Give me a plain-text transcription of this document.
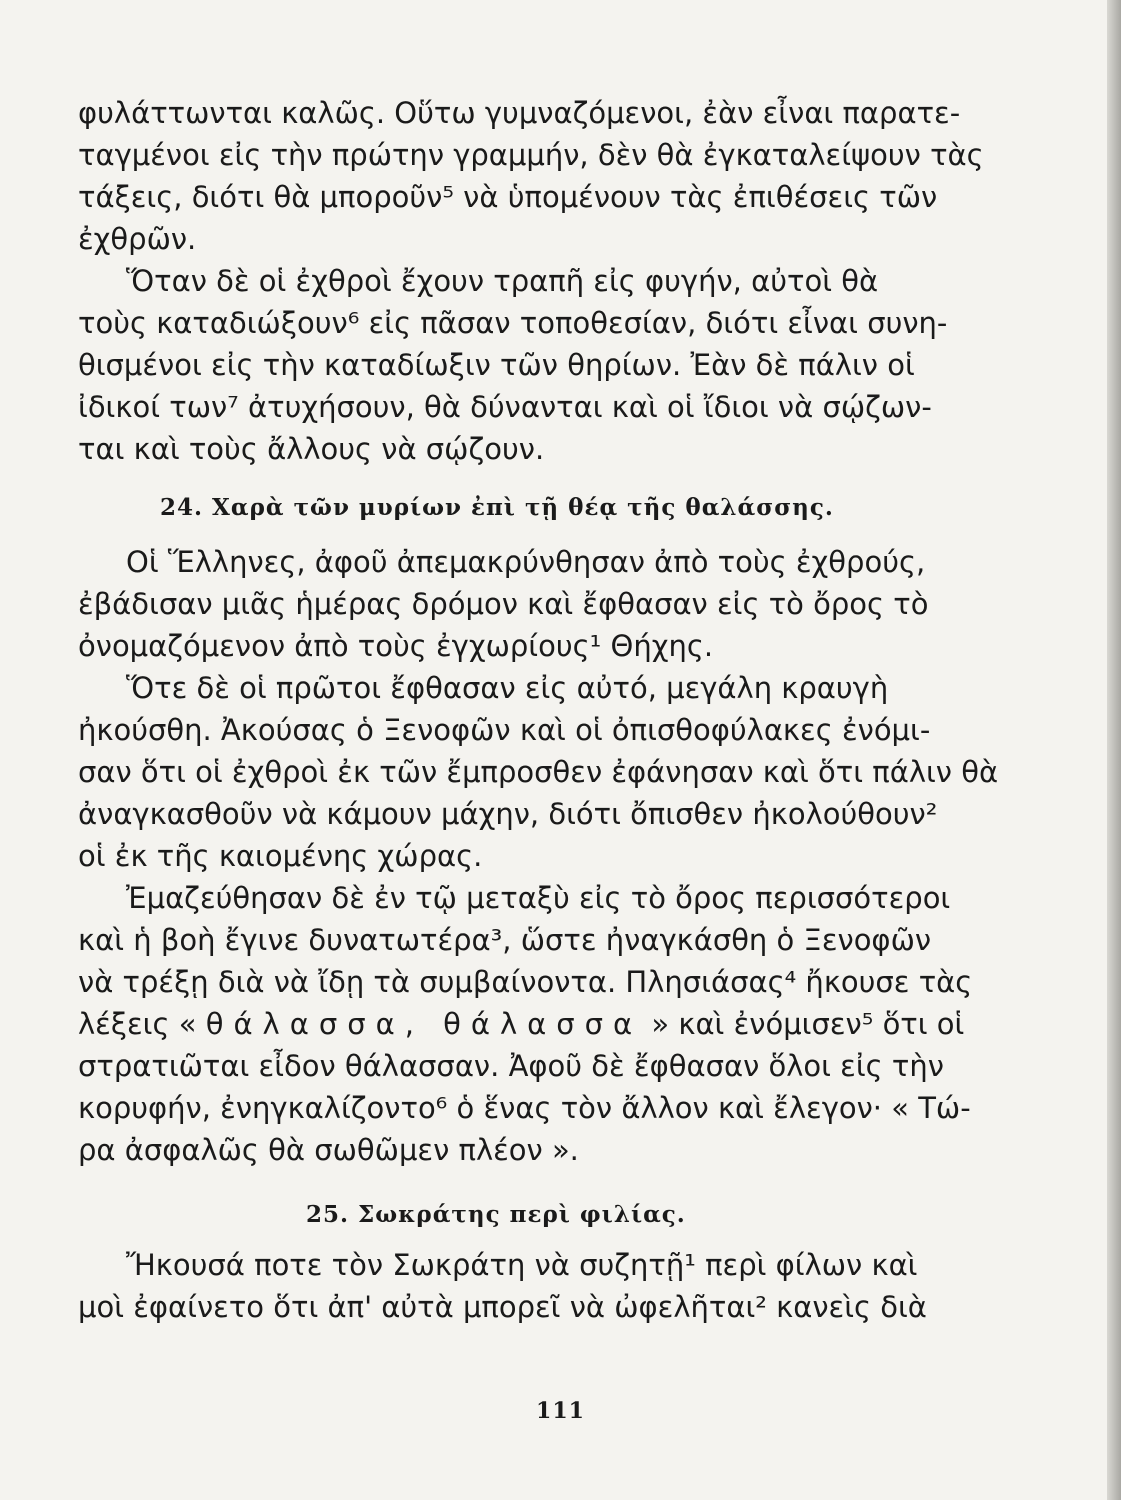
φυλάττωνται καλῶς. Οὕτω γυμναζόμενοι, ἐὰν εἶναι παρατε-

ταγμένοι εἰς τὴν πρώτην γραμμήν, δὲν θὰ ἐγκαταλείψουν τὰς

τάξεις, διότι θὰ μποροῦν⁵ νὰ ὑπομένουν τὰς ἐπιθέσεις τῶν

ἐχθρῶν.

Ὅταν δὲ οἱ ἐχθροὶ ἔχουν τραπῆ εἰς φυγήν, αὐτοὶ θὰ

τοὺς καταδιώξουν⁶ εἰς πᾶσαν τοποθεσίαν, διότι εἶναι συνη-

θισμένοι εἰς τὴν καταδίωξιν τῶν θηρίων. Ἐὰν δὲ πάλιν οἱ

ἰδικοί των⁷ ἀτυχήσουν, θὰ δύνανται καὶ οἱ ἴδιοι νὰ σῴζων-

ται καὶ τοὺς ἄλλους νὰ σῴζουν.

24. Χαρὰ τῶν μυρίων ἐπὶ τῇ θέᾳ τῆς θαλάσσης.

Οἱ Ἕλληνες, ἀφοῦ ἀπεμακρύνθησαν ἀπὸ τοὺς ἐχθρούς,

ἐβάδισαν μιᾶς ἡμέρας δρόμον καὶ ἔφθασαν εἰς τὸ ὄρος τὸ

ὀνομαζόμενον ἀπὸ τοὺς ἐγχωρίους¹ Θήχης.

Ὅτε δὲ οἱ πρῶτοι ἔφθασαν εἰς αὐτό, μεγάλη κραυγὴ

ἠκούσθη. Ἀκούσας ὁ Ξενοφῶν καὶ οἱ ὀπισθοφύλακες ἐνόμι-

σαν ὅτι οἱ ἐχθροὶ ἐκ τῶν ἔμπροσθεν ἐφάνησαν καὶ ὅτι πάλιν θὰ

ἀναγκασθοῦν νὰ κάμουν μάχην, διότι ὄπισθεν ἠκολούθουν²

οἱ ἐκ τῆς καιομένης χώρας.

Ἐμαζεύθησαν δὲ ἐν τῷ μεταξὺ εἰς τὸ ὄρος περισσότεροι

καὶ ἡ βοὴ ἔγινε δυνατωτέρα³, ὥστε ἠναγκάσθη ὁ Ξενοφῶν

νὰ τρέξῃ διὰ νὰ ἴδῃ τὰ συμβαίνοντα. Πλησιάσας⁴ ἤκουσε τὰς

λέξεις « θάλασσα, θάλασσα » καὶ ἐνόμισεν⁵ ὅτι οἱ

στρατιῶται εἶδον θάλασσαν. Ἀφοῦ δὲ ἔφθασαν ὅλοι εἰς τὴν

κορυφήν, ἐνηγκαλίζοντο⁶ ὁ ἕνας τὸν ἄλλον καὶ ἔλεγον· « Τώ-

ρα ἀσφαλῶς θὰ σωθῶμεν πλέον ».

25. Σωκράτης περὶ φιλίας.

Ἤκουσά ποτε τὸν Σωκράτη νὰ συζητῇ¹ περὶ φίλων καὶ

μοὶ ἐφαίνετο ὅτι ἀπ' αὐτὰ μπορεῖ νὰ ὠφελῆται² κανεὶς διὰ

111
